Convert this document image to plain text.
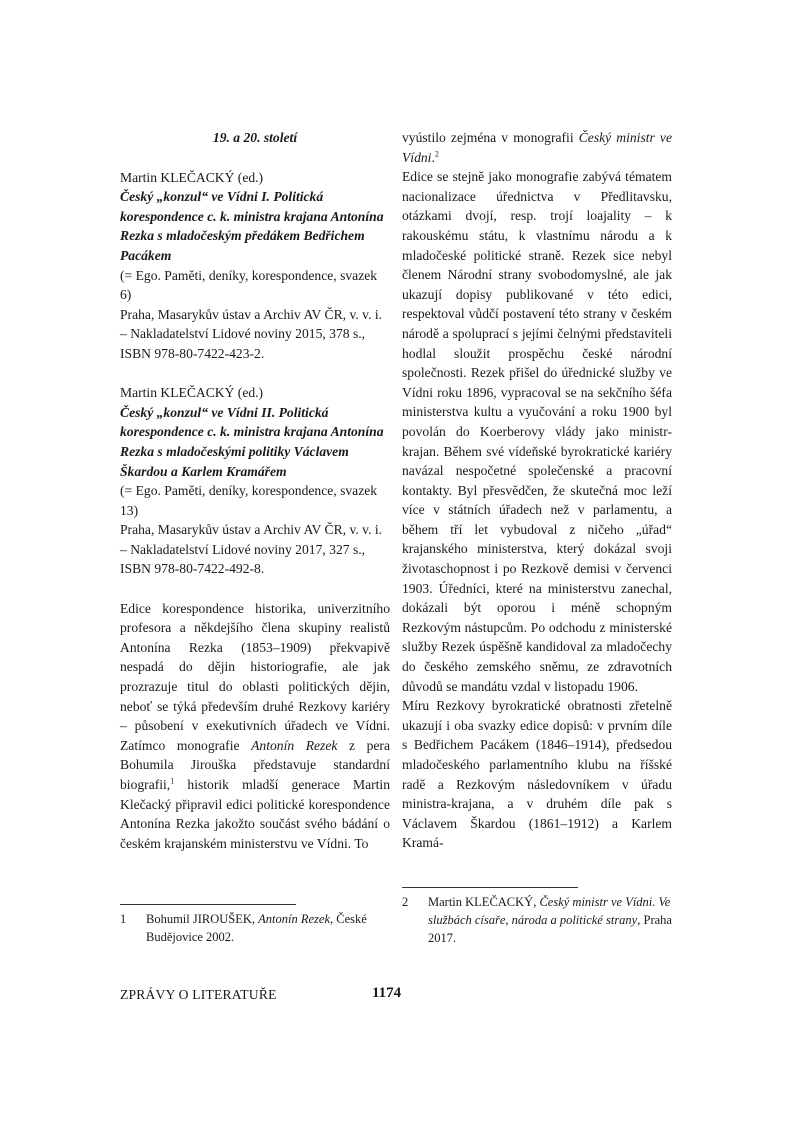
19. a 20. století

Martin KLEČACKÝ (ed.)

Český „konzul“ ve Vídni I. Politická korespondence c. k. ministra krajana Antonína Rezka s mladočeským předákem Bedřichem Pacákem

(= Ego. Paměti, deníky, korespondence, svazek 6)

Praha, Masarykův ústav a Archiv AV ČR, v. v. i. – Nakladatelství Lidové noviny 2015, 378 s., ISBN 978-80-7422-423-2.

Martin KLEČACKÝ (ed.)

Český „konzul“ ve Vídni II. Politická korespondence c. k. ministra krajana Antonína Rezka s mladočeskými politiky Václavem Škardou a Karlem Kramářem

(= Ego. Paměti, deníky, korespondence, svazek 13)

Praha, Masarykův ústav a Archiv AV ČR, v. v. i. – Nakladatelství Lidové noviny 2017, 327 s., ISBN 978-80-7422-492-8.

Edice korespondence historika, univerzitního profesora a někdejšího člena skupiny realistů Antonína Rezka (1853–1909) překvapivě nespadá do dějin historiografie, ale jak prozrazuje titul do oblasti politických dějin, neboť se týká především druhé Rezkovy kariéry – působení v exekutivních úřadech ve Vídni. Zatímco monografie Antonín Rezek z pera Bohumila Jirouška představuje standardní biografii,$^1$ historik mladší generace Martin Klečacký připravil edici politické korespondence Antonína Rezka jakožto součást svého bádání o českém krajanském ministerstvu ve Vídni. To

vyústilo zejména v monografii Český ministr ve Vídni.$^2$

Edice se stejně jako monografie zabývá tématem nacionalizace úřednictva v Předlitavsku, otázkami dvojí, resp. trojí loajality – k rakouskému státu, k vlastnímu národu a k mladočeské politické straně. Rezek sice nebyl členem Národní strany svobodomyslné, ale jak ukazují dopisy publikované v této edici, respektoval vůdčí postavení této strany v českém národě a spoluprací s jejími čelnými představiteli hodlal sloužit prospěchu české národní společnosti. Rezek přišel do úřednické služby ve Vídni roku 1896, vypracoval se na sekčního šéfa ministerstva kultu a vyučování a roku 1900 byl povolán do Koerberovy vlády jako ministr-krajan. Během své vídeňské byrokratické kariéry navázal nespočetné společenské a pracovní kontakty. Byl přesvědčen, že skutečná moc leží více v státních úřadech než v parlamentu, a během tří let vybudoval z ničeho „úřad“ krajanského ministerstva, který dokázal svoji životaschopnost i po Rezkově demisi v červenci 1903. Úředníci, které na ministerstvu zanechal, dokázali být oporou i méně schopným Rezkovým nástupcům. Po odchodu z ministerské služby Rezek úspěšně kandidoval za mladočechy do českého zemského sněmu, ze zdravotních důvodů se mandátu vzdal v listopadu 1906.

Míru Rezkovy byrokratické obratnosti zřetelně ukazují i oba svazky edice dopisů: v prvním díle s Bedřichem Pacákem (1846–1914), předsedou mladočeského parlamentního klubu na říšské radě a Rezkovým následovníkem v úřadu ministra-krajana, a v druhém díle pak s Václavem Škardou (1861–1912) a Karlem Kramá-

1	Bohumil JIROUŠEK, Antonín Rezek, České Budějovice 2002.
2	Martin KLEČACKÝ, Český ministr ve Vídni. Ve službách císaře, národa a politické strany, Praha 2017.
ZPRÁVY O LITERATUŘE	1174
